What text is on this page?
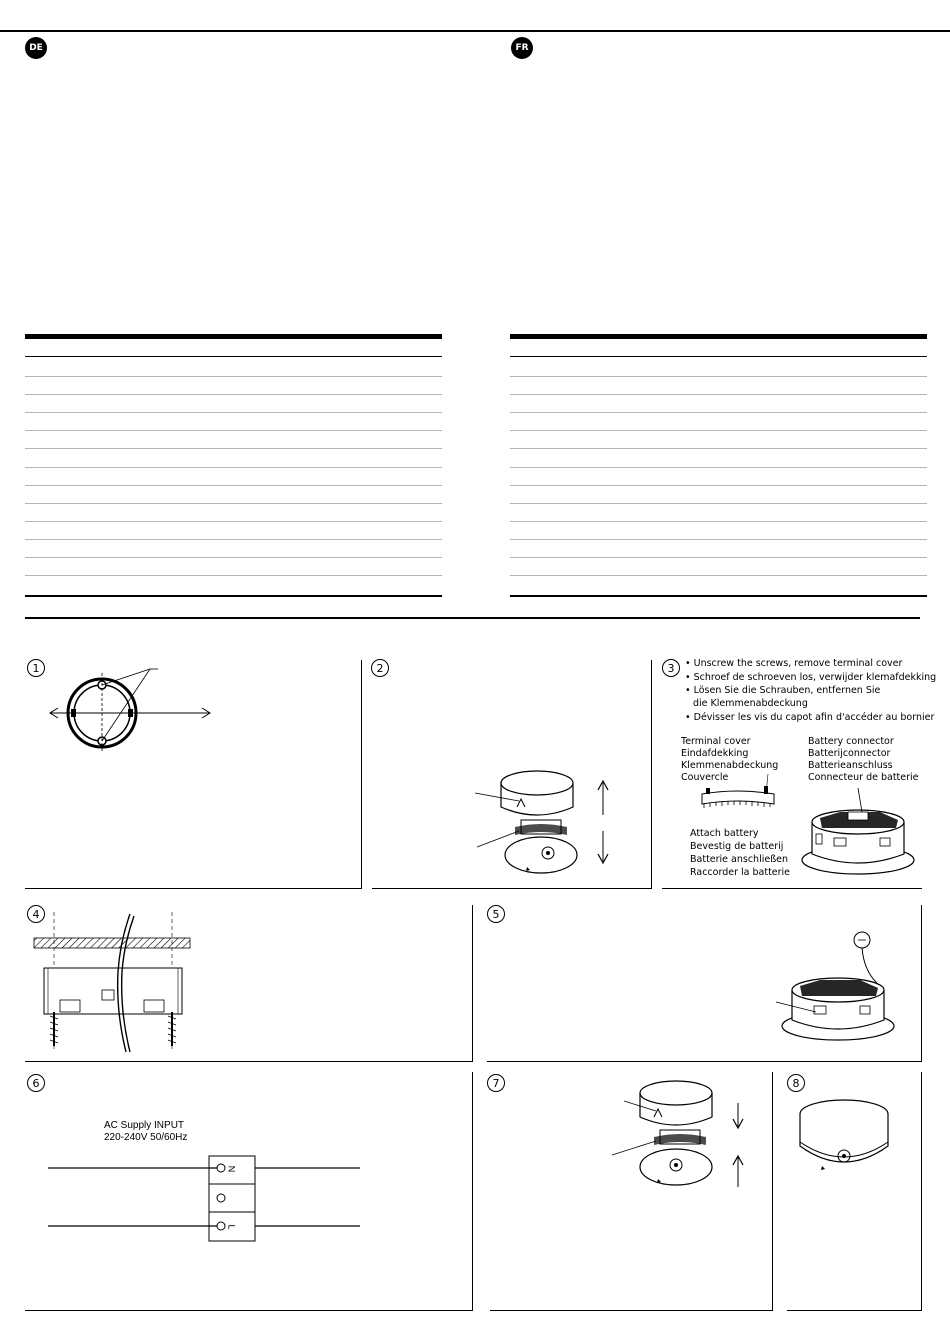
DE	FR
1	2	3	• Unscrew the screws, remove terminal cover
• Schroef de schroeven los, verwijder klemafdekking
• Lösen Sie die Schrauben, entfernen Sie
die Klemmenabdeckung
• Dévisser les vis du capot afin d'accéder au bornier
Terminal cover
Eindafdekking
Klemmenabdeckung
Couvercle
Battery connector
Batterijconnector
Batterieanschluss
Connecteur de batterie
Attach battery
Bevestig de batterij
Batterie anschließen
Raccorder la batterie
4	5
6	7	8
AC Supply INPUT
220-240V 50/60Hz
N
L
